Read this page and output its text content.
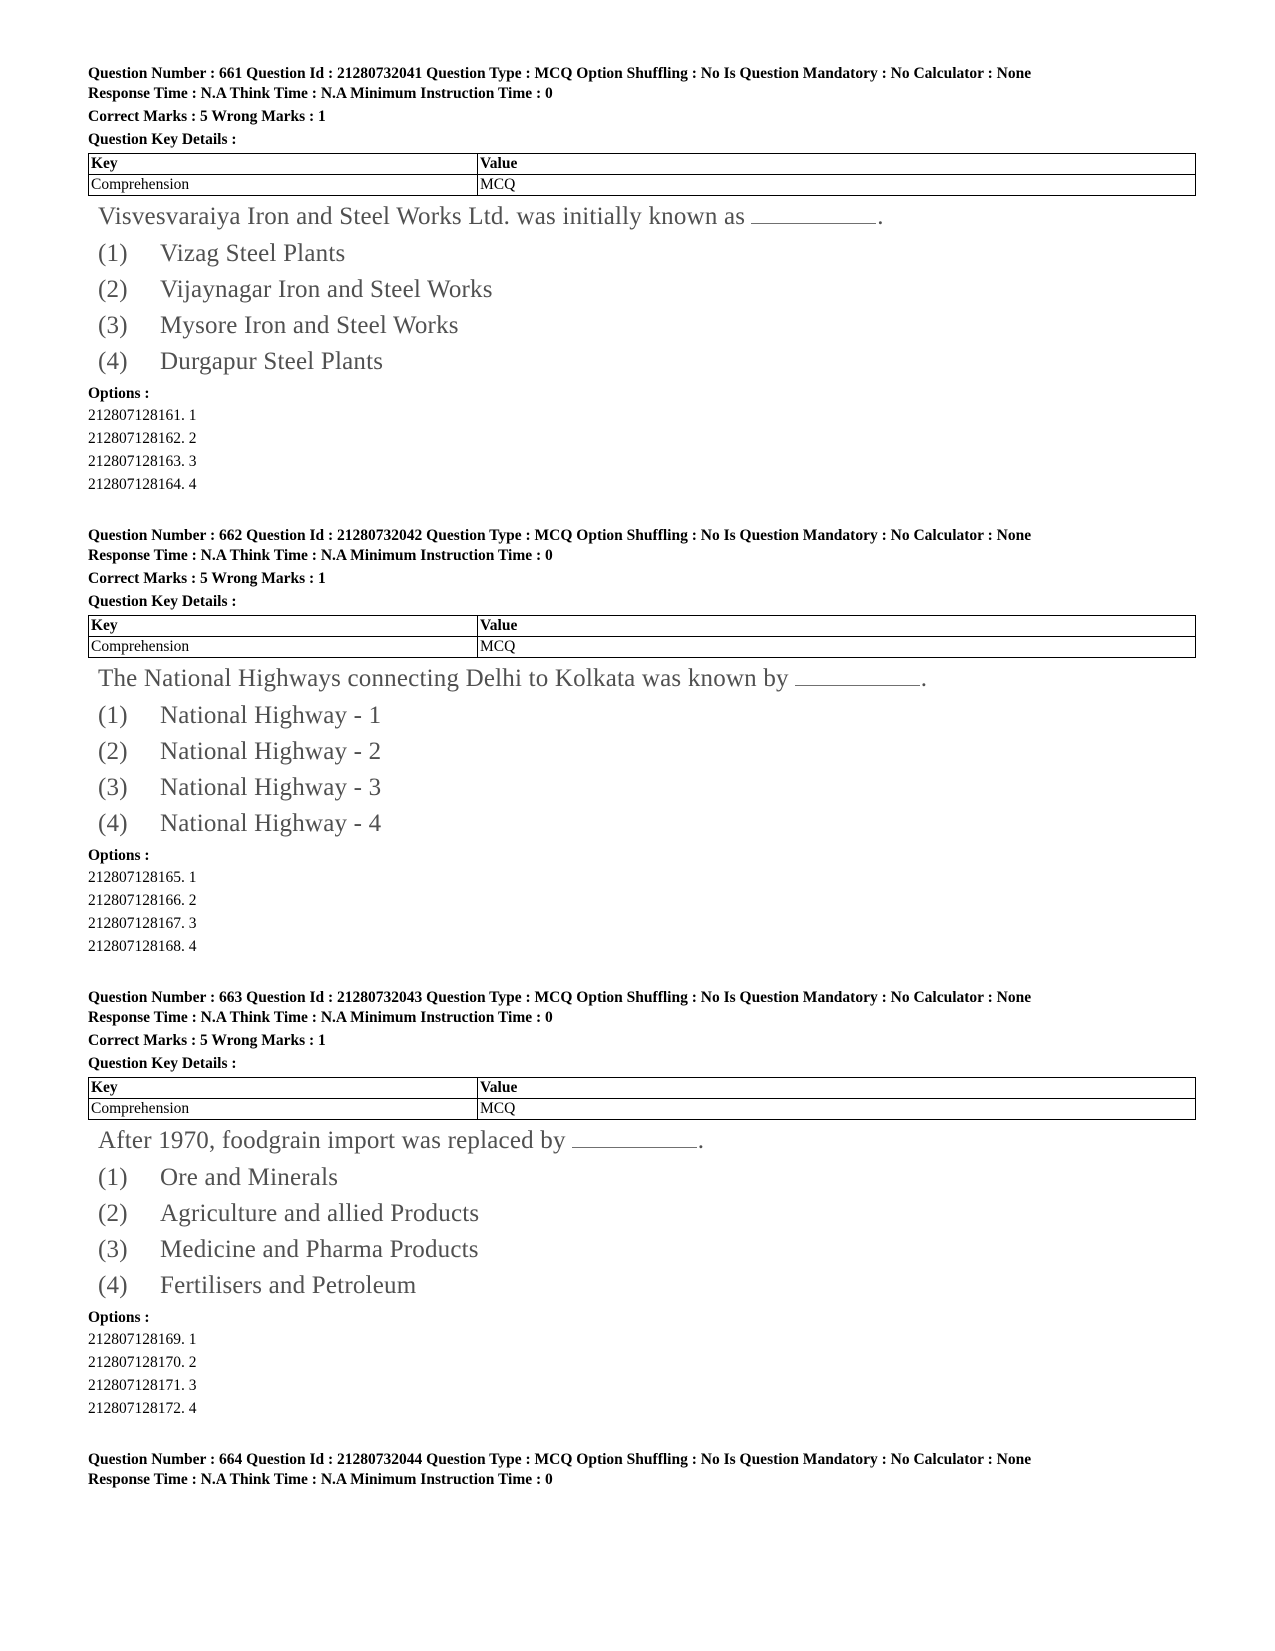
Question Number : 661 Question Id : 21280732041 Question Type : MCQ Option Shuffling : No Is Question Mandatory : No Calculator : None
Response Time : N.A Think Time : N.A Minimum Instruction Time : 0
Correct Marks : 5 Wrong Marks : 1
Question Key Details :
Key	Value
Comprehension	MCQ
Visvesvaraiya Iron and Steel Works Ltd. was initially known as	.
(1) Vizag Steel Plants
(2) Vijaynagar Iron and Steel Works
(3) Mysore Iron and Steel Works
(4) Durgapur Steel Plants
Options :
212807128161. 1
212807128162. 2
212807128163. 3
212807128164. 4
Question Number : 662 Question Id : 21280732042 Question Type : MCQ Option Shuffling : No Is Question Mandatory : No Calculator : None
Response Time : N.A Think Time : N.A Minimum Instruction Time : 0
Correct Marks : 5 Wrong Marks : 1
Question Key Details :
Key	Value
Comprehension	MCQ
The National Highways connecting Delhi to Kolkata was known by	.
(1) National Highway - 1
(2) National Highway - 2
(3) National Highway - 3
(4) National Highway - 4
Options :
212807128165. 1
212807128166. 2
212807128167. 3
212807128168. 4
Question Number : 663 Question Id : 21280732043 Question Type : MCQ Option Shuffling : No Is Question Mandatory : No Calculator : None
Response Time : N.A Think Time : N.A Minimum Instruction Time : 0
Correct Marks : 5 Wrong Marks : 1
Question Key Details :
Key	Value
Comprehension	MCQ
After 1970, foodgrain import was replaced by	.
(1) Ore and Minerals
(2) Agriculture and allied Products
(3) Medicine and Pharma Products
(4) Fertilisers and Petroleum
Options :
212807128169. 1
212807128170. 2
212807128171. 3
212807128172. 4
Question Number : 664 Question Id : 21280732044 Question Type : MCQ Option Shuffling : No Is Question Mandatory : No Calculator : None
Response Time : N.A Think Time : N.A Minimum Instruction Time : 0
